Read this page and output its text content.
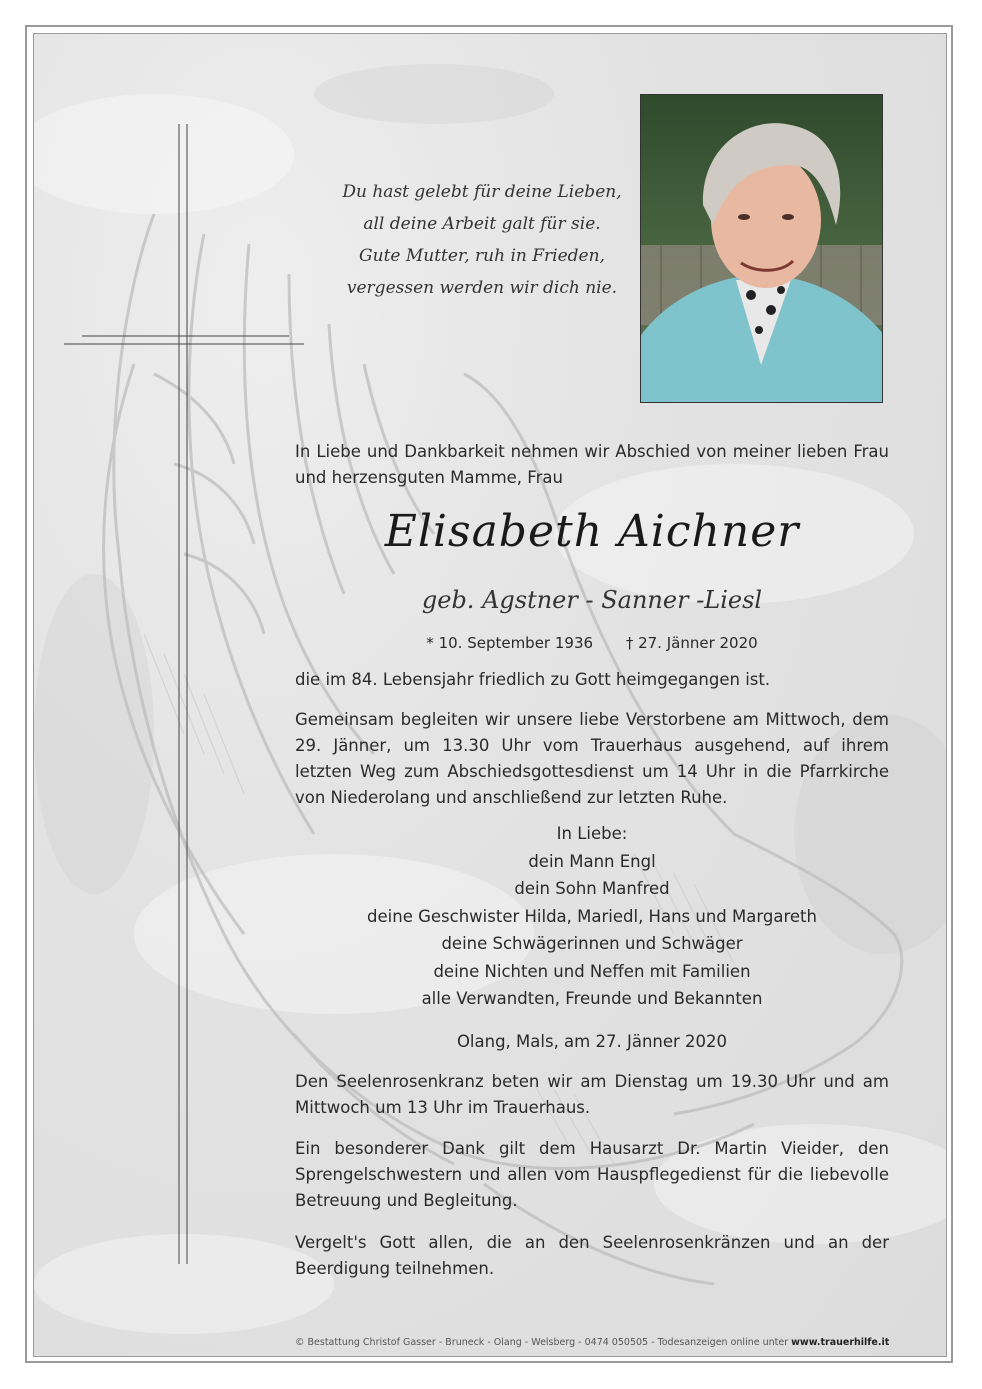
Du hast gelebt für deine Lieben,
all deine Arbeit galt für sie.
Gute Mutter, ruh in Frieden,
vergessen werden wir dich nie.
In Liebe und Dankbarkeit nehmen wir Abschied von meiner lieben Frau und herzensguten Mamme, Frau
Elisabeth Aichner
geb. Agstner - Sanner -Liesl
* 10. September 1936 † 27. Jänner 2020
die im 84. Lebensjahr friedlich zu Gott heimgegangen ist.
Gemeinsam begleiten wir unsere liebe Verstorbene am Mittwoch, dem 29. Jänner, um 13.30 Uhr vom Trauerhaus ausgehend, auf ihrem letzten Weg zum Abschiedsgottesdienst um 14 Uhr in die Pfarrkirche von Niederolang und anschließend zur letzten Ruhe.
In Liebe:
dein Mann Engl
dein Sohn Manfred
deine Geschwister Hilda, Mariedl, Hans und Margareth
deine Schwägerinnen und Schwäger
deine Nichten und Neffen mit Familien
alle Verwandten, Freunde und Bekannten
Olang, Mals, am 27. Jänner 2020
Den Seelenrosenkranz beten wir am Dienstag um 19.30 Uhr und am Mittwoch um 13 Uhr im Trauerhaus.
Ein besonderer Dank gilt dem Hausarzt Dr. Martin Vieider, den Sprengelschwestern und allen vom Hauspflegedienst für die liebevolle Betreuung und Begleitung.
Vergelt's Gott allen, die an den Seelenrosenkränzen und an der Beerdigung teilnehmen.
© Bestattung Christof Gasser - Bruneck - Olang - Welsberg - 0474 050505 - Todesanzeigen online unter www.trauerhilfe.it
